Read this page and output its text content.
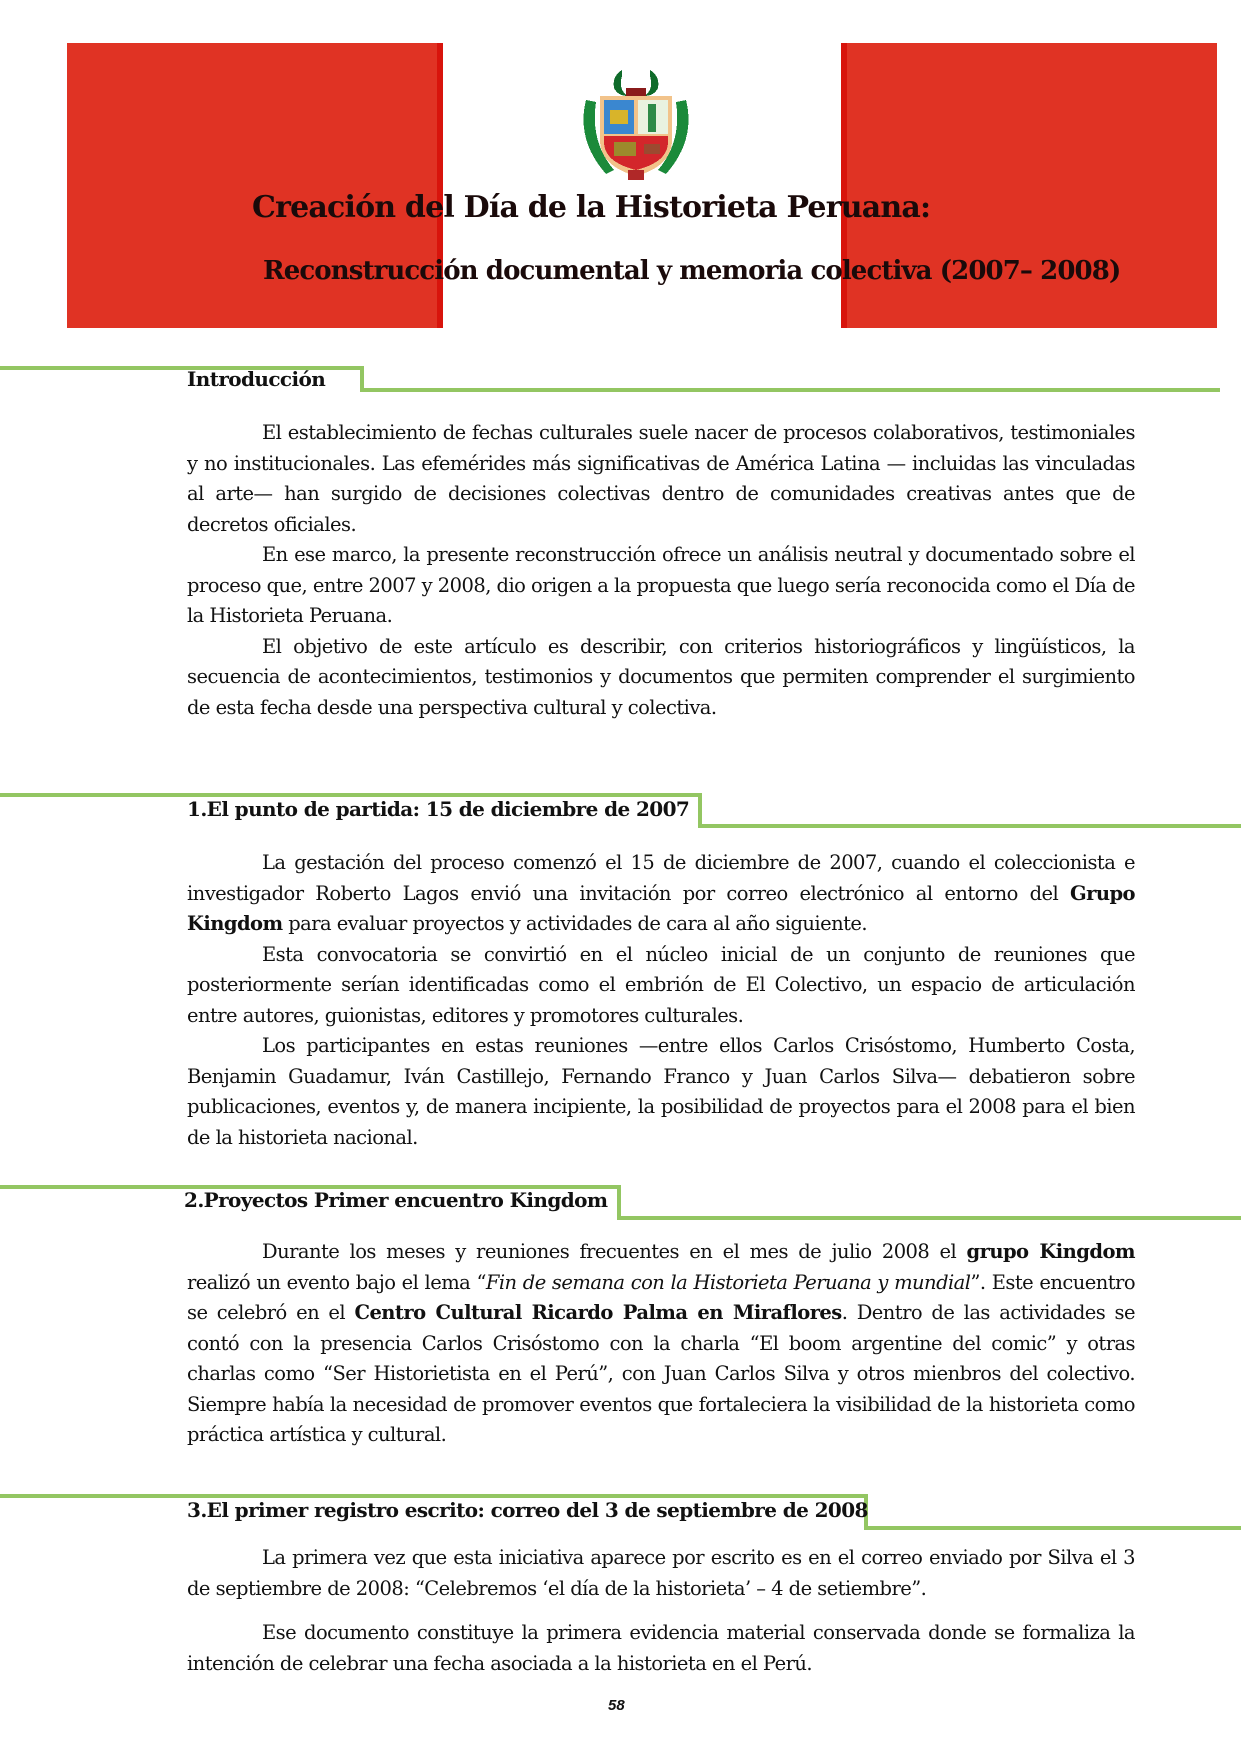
Creación del Día de la Historieta Peruana:
Reconstrucción documental y memoria colectiva (2007– 2008)
Introducción

El establecimiento de fechas culturales suele nacer de procesos colaborativos, testimoniales y no institucionales. Las efemérides más significativas de América Latina — incluidas las vinculadas al arte— han surgido de decisiones colectivas dentro de comunidades creativas antes que de decretos oficiales.

En ese marco, la presente reconstrucción ofrece un análisis neutral y documentado sobre el proceso que, entre 2007 y 2008, dio origen a la propuesta que luego sería reconocida como el Día de la Historieta Peruana.

El objetivo de este artículo es describir, con criterios historiográficos y lingüísticos, la secuencia de acontecimientos, testimonios y documentos que permiten comprender el surgimiento de esta fecha desde una perspectiva cultural y colectiva.

1.El punto de partida: 15 de diciembre de 2007

La gestación del proceso comenzó el 15 de diciembre de 2007, cuando el coleccionista e investigador Roberto Lagos envió una invitación por correo electrónico al entorno del Grupo Kingdom para evaluar proyectos y actividades de cara al año siguiente.

Esta convocatoria se convirtió en el núcleo inicial de un conjunto de reuniones que posteriormente serían identificadas como el embrión de El Colectivo, un espacio de articulación entre autores, guionistas, editores y promotores culturales.

Los participantes en estas reuniones —entre ellos Carlos Crisóstomo, Humberto Costa, Benjamin Guadamur, Iván Castillejo, Fernando Franco y Juan Carlos Silva— debatieron sobre publicaciones, eventos y, de manera incipiente, la posibilidad de proyectos para el 2008 para el bien de la historieta nacional.

2.Proyectos Primer encuentro Kingdom

Durante los meses y reuniones frecuentes en el mes de julio 2008 el grupo Kingdom realizó un evento bajo el lema “Fin de semana con la Historieta Peruana y mundial”. Este encuentro se celebró en el Centro Cultural Ricardo Palma en Miraflores. Dentro de las actividades se contó con la presencia Carlos Crisóstomo con la charla “El boom argentine del comic” y otras charlas como “Ser Historietista en el Perú”, con Juan Carlos Silva y otros mienbros del colectivo. Siempre había la necesidad de promover eventos que fortaleciera la visibilidad de la historieta como práctica artística y cultural.

3.El primer registro escrito: correo del 3 de septiembre de 2008

La primera vez que esta iniciativa aparece por escrito es en el correo enviado por Silva el 3 de septiembre de 2008: “Celebremos ‘el día de la historieta’ – 4 de setiembre”.

Ese documento constituye la primera evidencia material conservada donde se formaliza la intención de celebrar una fecha asociada a la historieta en el Perú.

58
